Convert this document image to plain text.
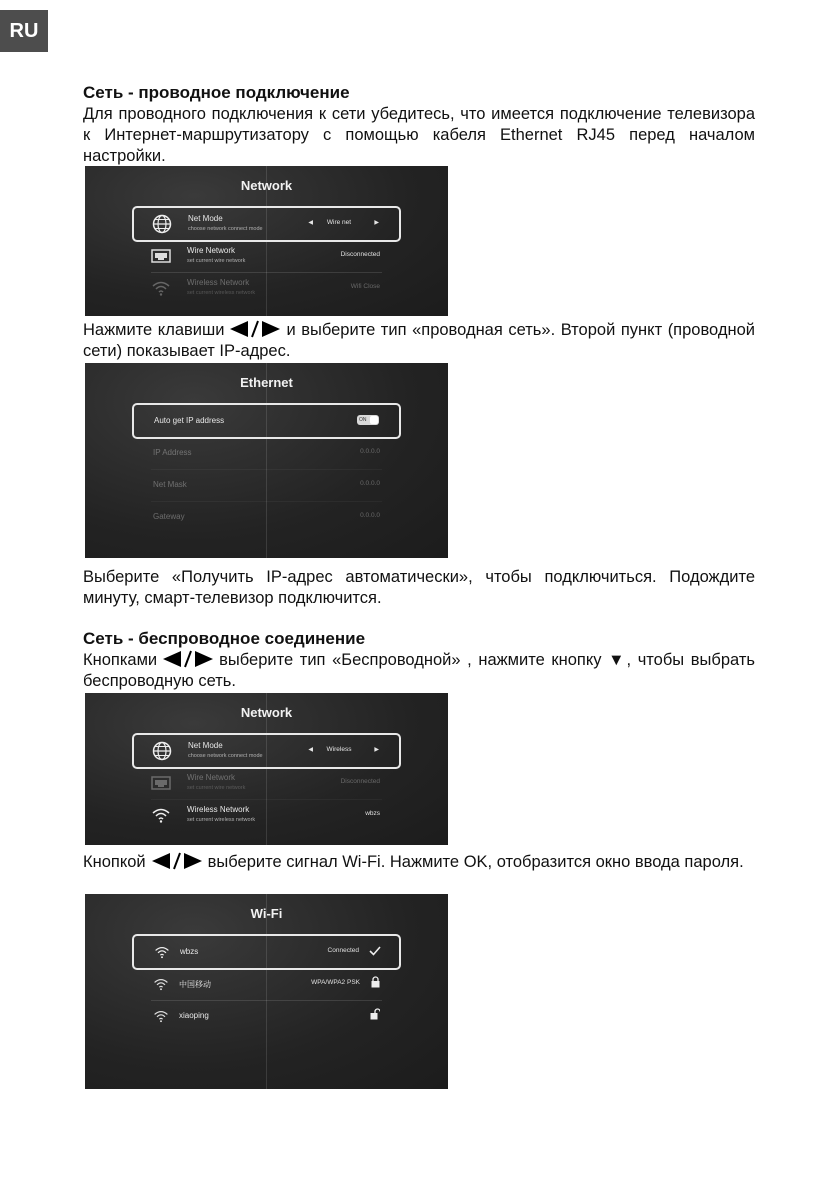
RU
Сеть - проводное подключение
Для проводного подключения к сети убедитесь, что имеется подключение телевизора к Интернет-маршрутизатору с помощью кабеля Ethernet RJ45 перед началом настройки.
Network
Net Mode
choose network connect mode
◀	Wire net	▶
Wire Network
set current wire network
Disconnected
Wireless Network
set current wireless network
Wifi Close
Нажмите клавиши	и выберите тип «проводная сеть». Второй пункт (проводной сети) показывает IP-адрес.
Ethernet
Auto get IP address	ON
IP Address	0.0.0.0
Net Mask	0.0.0.0
Gateway	0.0.0.0
Выберите «Получить IP-адрес автоматически», чтобы подключиться. Подождите минуту, смарт-телевизор подключится.
Сеть - беспроводное соединение
Кнопками	выберите тип «Беспроводной» , нажмите кнопку ▼, чтобы выбрать беспроводную сеть.
Network
Net Mode
choose network connect mode
◀	Wireless	▶
Wire Network
set current wire network
Disconnected
Wireless Network
set current wireless network
wbzs
Кнопкой	выберите сигнал Wi-Fi. Нажмите OK, отобразится окно ввода пароля.
Wi-Fi
wbzs	Connected
中国移动	WPA/WPA2 PSK
xiaoping
